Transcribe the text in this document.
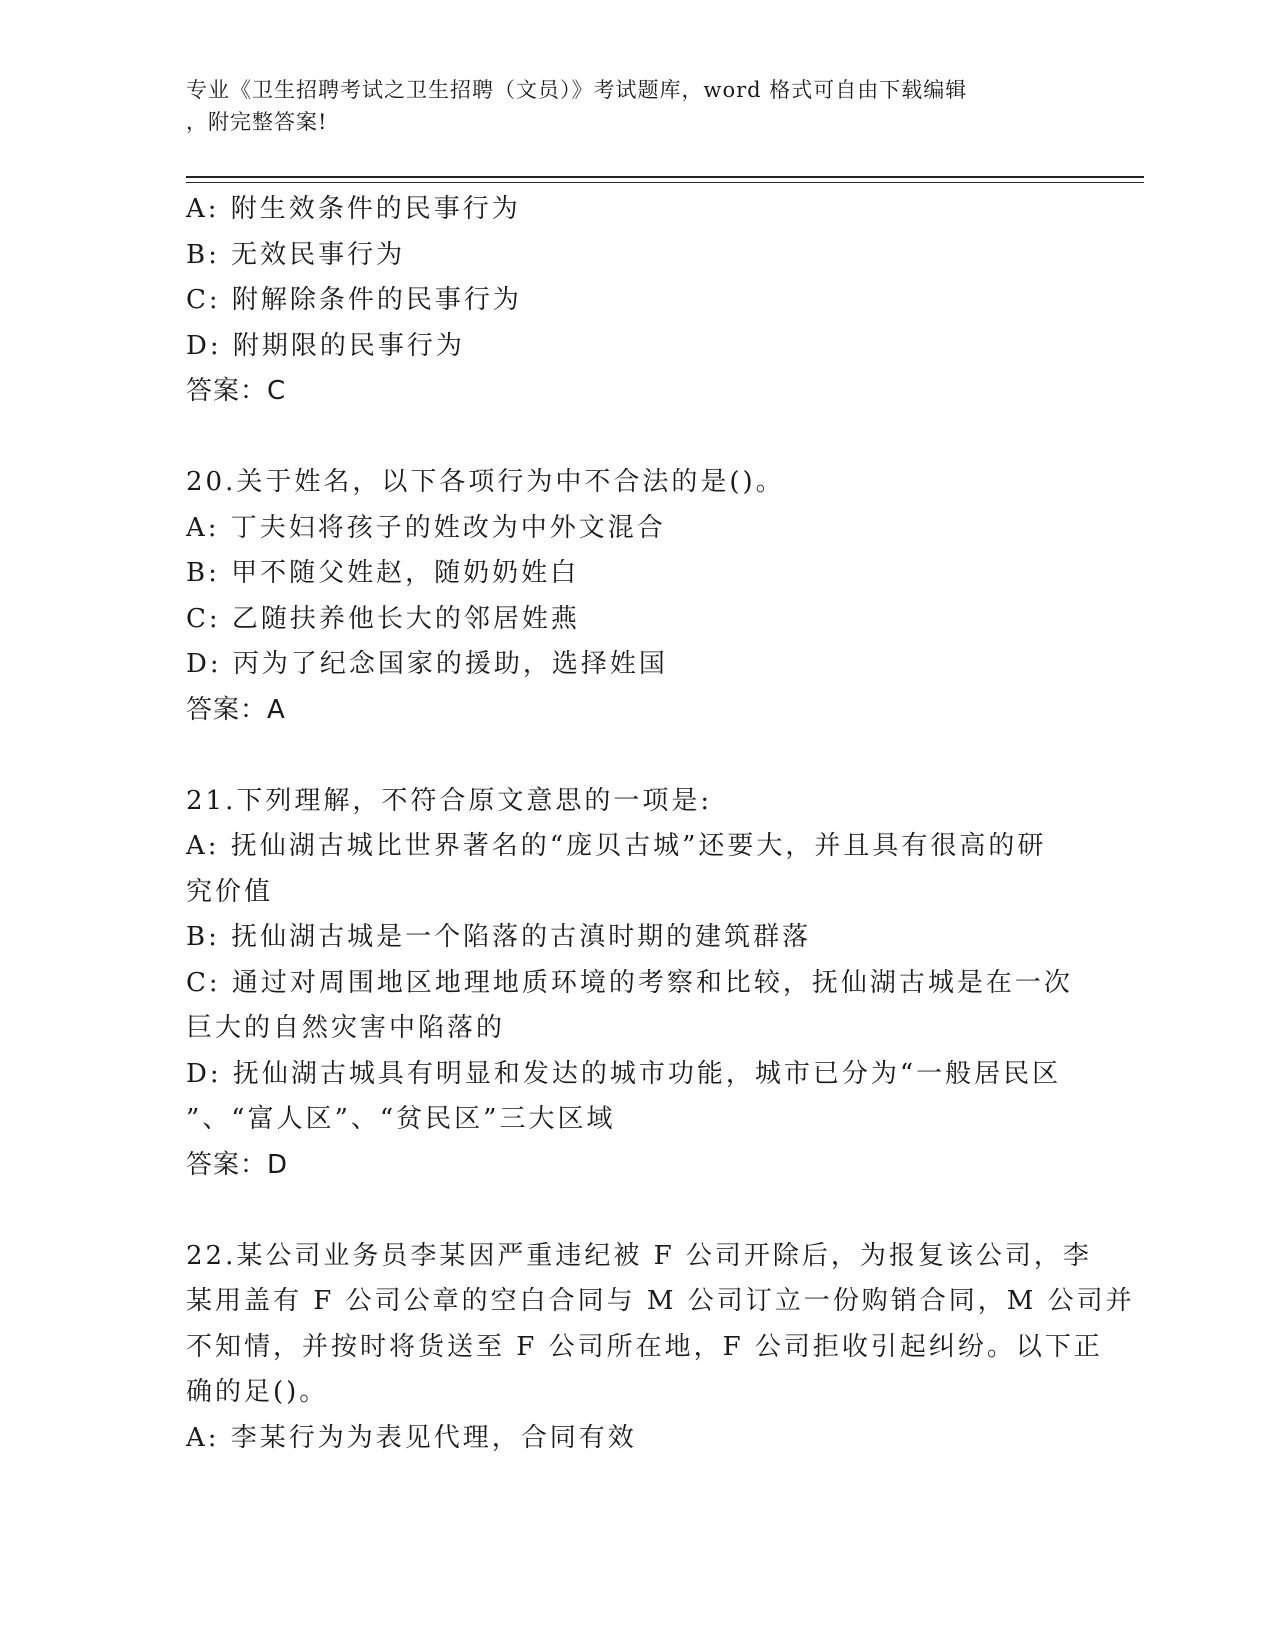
专业《卫生招聘考试之卫生招聘（文员）》考试题库，word 格式可自由下载编辑
，附完整答案!
A: 附生效条件的民事行为
B: 无效民事行为
C: 附解除条件的民事行为
D: 附期限的民事行为
答案：C
20.关于姓名，以下各项行为中不合法的是()。
A: 丁夫妇将孩子的姓改为中外文混合
B: 甲不随父姓赵，随奶奶姓白
C: 乙随扶养他长大的邻居姓燕
D: 丙为了纪念国家的援助，选择姓国
答案：A
21.下列理解，不符合原文意思的一项是:
A: 抚仙湖古城比世界著名的“庞贝古城”还要大，并且具有很高的研
究价值
B: 抚仙湖古城是一个陷落的古滇时期的建筑群落
C: 通过对周围地区地理地质环境的考察和比较，抚仙湖古城是在一次
巨大的自然灾害中陷落的
D: 抚仙湖古城具有明显和发达的城市功能，城市已分为“一般居民区
”、“富人区”、“贫民区”三大区域
答案：D
22.某公司业务员李某因严重违纪被 F 公司开除后，为报复该公司，李
某用盖有 F 公司公章的空白合同与 M 公司订立一份购销合同，M 公司并
不知情，并按时将货送至 F 公司所在地，F 公司拒收引起纠纷。以下正
确的足()。
A: 李某行为为表见代理，合同有效
